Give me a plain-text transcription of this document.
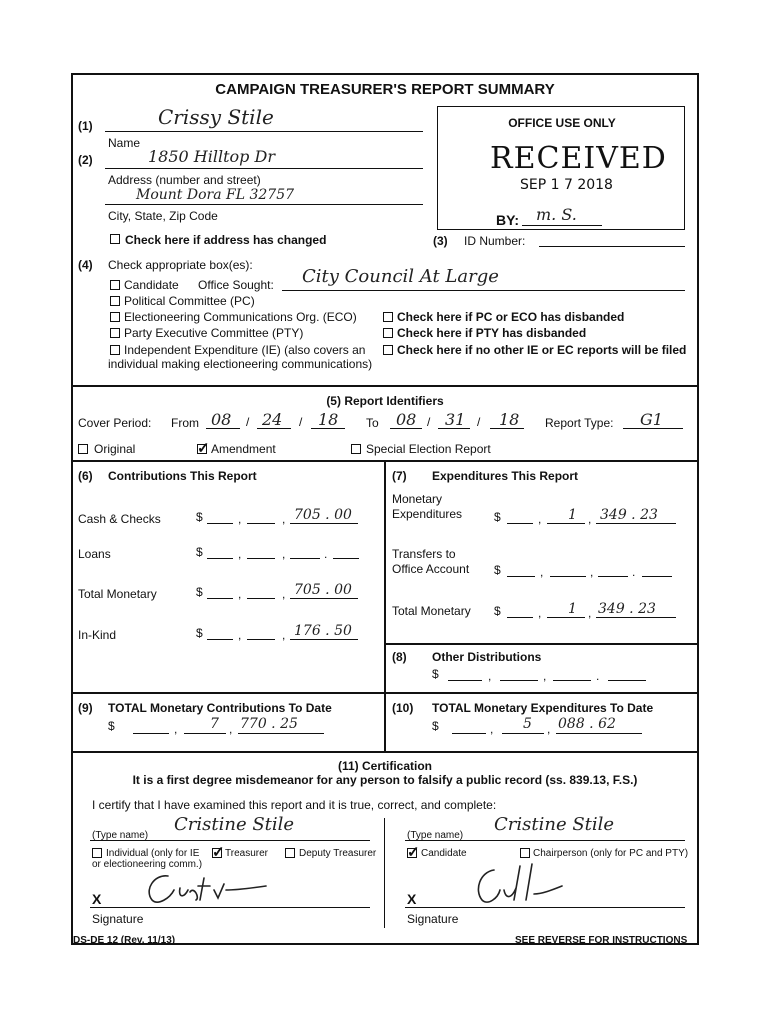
CAMPAIGN TREASURER'S REPORT SUMMARY
(1)	Crissy Stile
Name
(2)	1850 Hilltop Dr
Address (number and street)
Mount Dora FL 32757
City, State, Zip Code
Check here if address has changed
OFFICE USE ONLY
RECEIVED
SEP 1 7 2018
BY: m. S.
(3) ID Number:
(4) Check appropriate box(es):
Candidate Office Sought: City Council At Large
Political Committee (PC)
Electioneering Communications Org. (ECO)	Check here if PC or ECO has disbanded
Party Executive Committee (PTY)	Check here if PTY has disbanded
Independent Expenditure (IE) (also covers an
individual making electioneering communications)
Check here if no other IE or EC reports will be filed
(5) Report Identifiers
Cover Period: From 08 / 24 / 18 To 08 / 31 / 18 Report Type: G1
Original
✓	Amendment	Special Election Report
(6) Contributions This Report
Cash & Checks	$	,	, 705 . 00
Loans	$	,	,	.
Total Monetary	$	,	, 705 . 00
In-Kind	$	,	, 176 . 50
(7) Expenditures This Report
Monetary
Expenditures	$	, 1 , 349 . 23
Transfers to
Office Account $	,	,	.
Total Monetary $	, 1 , 349 . 23
(8) Other Distributions
$	,	,	.
(9) TOTAL Monetary Contributions To Date
$	, 7 , 770 . 25
(10) TOTAL Monetary Expenditures To Date
$	, 5 , 088 . 62
(11) Certification
It is a first degree misdemeanor for any person to falsify a public record (ss. 839.13, F.S.)
I certify that I have examined this report and it is true, correct, and complete:
(Type name)
Cristine Stile
Individual (only for IE
or electioneering comm.)
✓
Treasurer	Deputy Treasurer
(Type name)
Cristine Stile
✓
Candidate	Chairperson (only for PC and PTY)
X
Signature
X
Signature
DS-DE 12 (Rev. 11/13)	SEE REVERSE FOR INSTRUCTIONS
